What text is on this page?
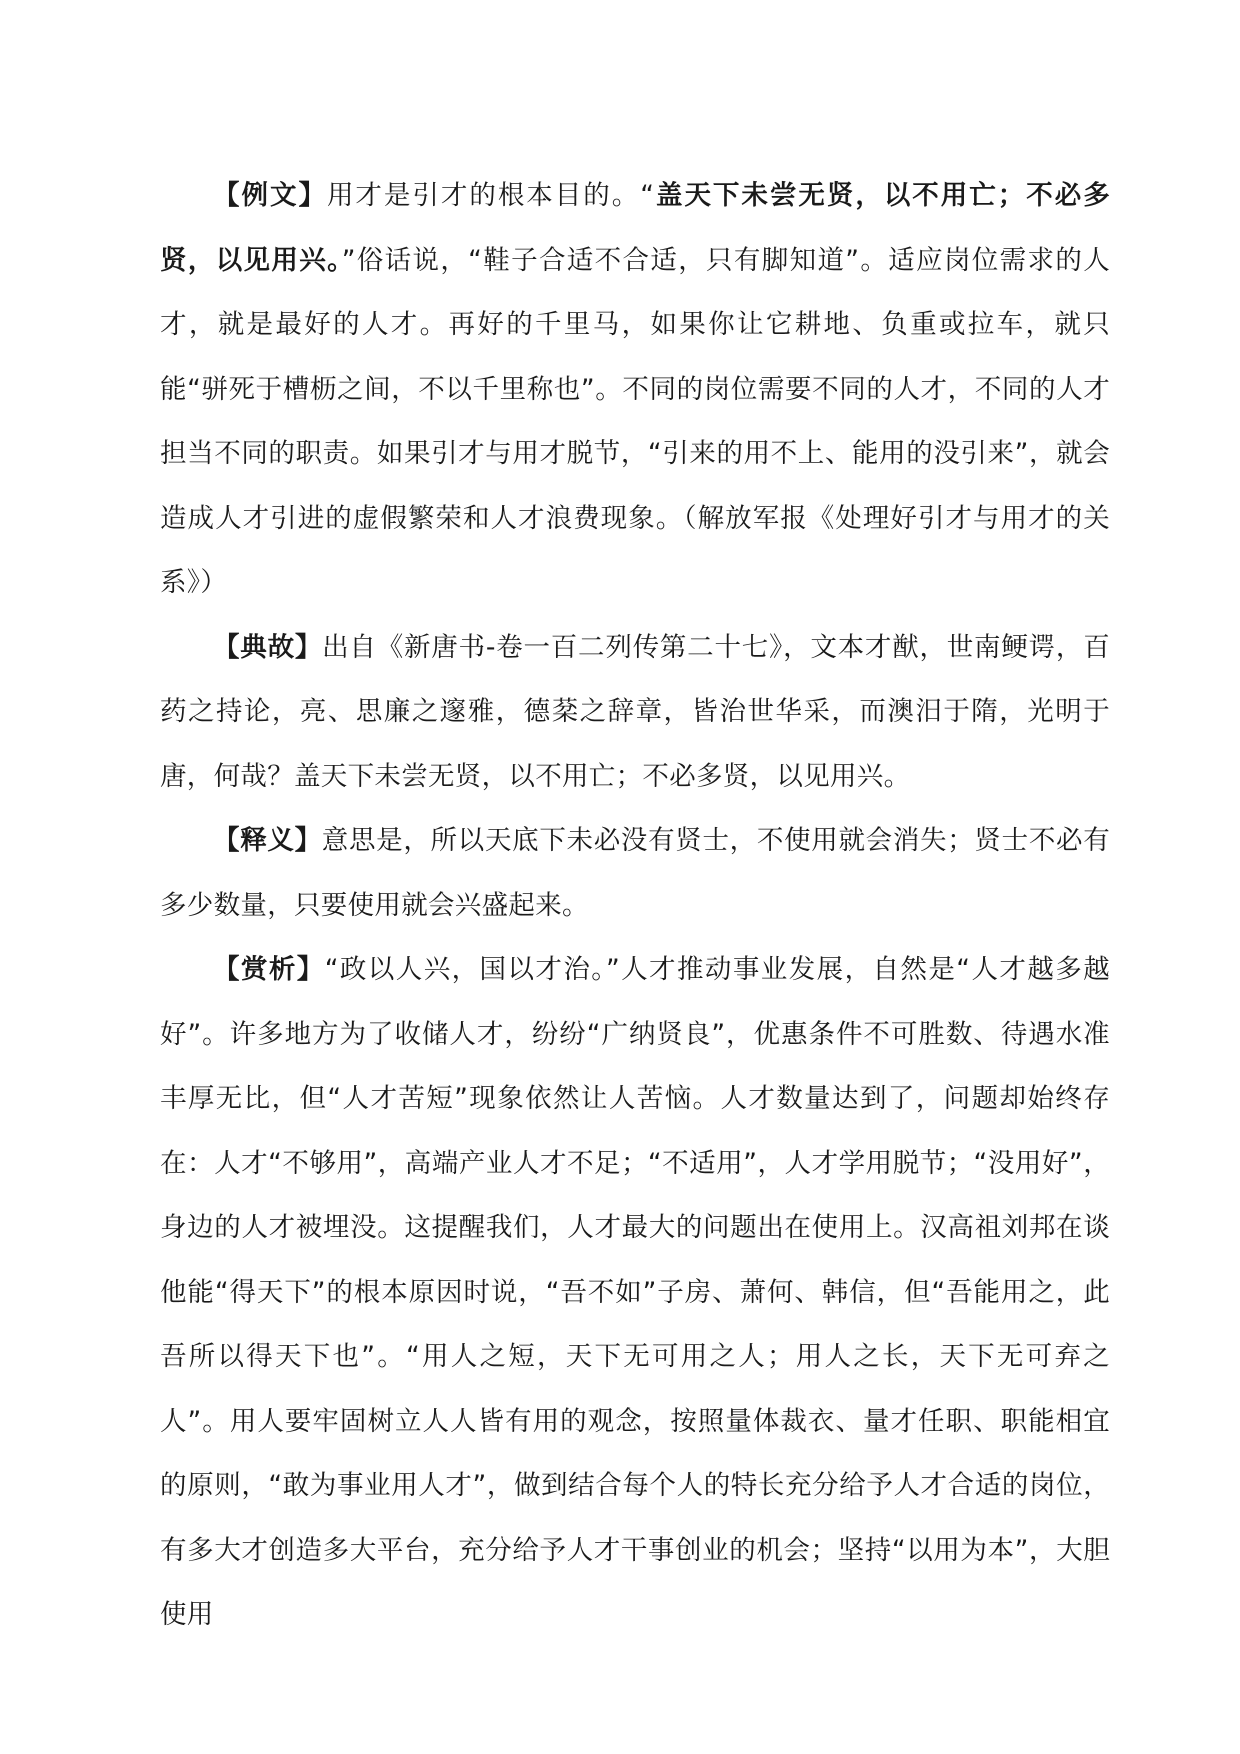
【例文】用才是引才的根本目的。“盖天下未尝无贤，以不用亡；不必多贤，以见用兴。”俗话说，“鞋子合适不合适，只有脚知道”。适应岗位需求的人才，就是最好的人才。再好的千里马，如果你让它耕地、负重或拉车，就只能“骈死于槽枥之间，不以千里称也”。不同的岗位需要不同的人才，不同的人才担当不同的职责。如果引才与用才脱节，“引来的用不上、能用的没引来”，就会造成人才引进的虚假繁荣和人才浪费现象。（解放军报《处理好引才与用才的关系》）

【典故】出自《新唐书-卷一百二列传第二十七》，文本才猷，世南鲠谔，百药之持论，亮、思廉之邃雅，德棻之辞章，皆治世华采，而澳汨于隋，光明于唐，何哉？盖天下未尝无贤，以不用亡；不必多贤，以见用兴。

【释义】意思是，所以天底下未必没有贤士，不使用就会消失；贤士不必有多少数量，只要使用就会兴盛起来。

【赏析】“政以人兴，国以才治。”人才推动事业发展，自然是“人才越多越好”。许多地方为了收储人才，纷纷“广纳贤良”，优惠条件不可胜数、待遇水准丰厚无比，但“人才苦短”现象依然让人苦恼。人才数量达到了，问题却始终存在：人才“不够用”，高端产业人才不足；“不适用”，人才学用脱节；“没用好”，身边的人才被埋没。这提醒我们，人才最大的问题出在使用上。汉高祖刘邦在谈他能“得天下”的根本原因时说，“吾不如”子房、萧何、韩信，但“吾能用之，此吾所以得天下也”。“用人之短，天下无可用之人；用人之长，天下无可弃之人”。用人要牢固树立人人皆有用的观念，按照量体裁衣、量才任职、职能相宜的原则，“敢为事业用人才”，做到结合每个人的特长充分给予人才合适的岗位，有多大才创造多大平台，充分给予人才干事创业的机会；坚持“以用为本”，大胆使用
